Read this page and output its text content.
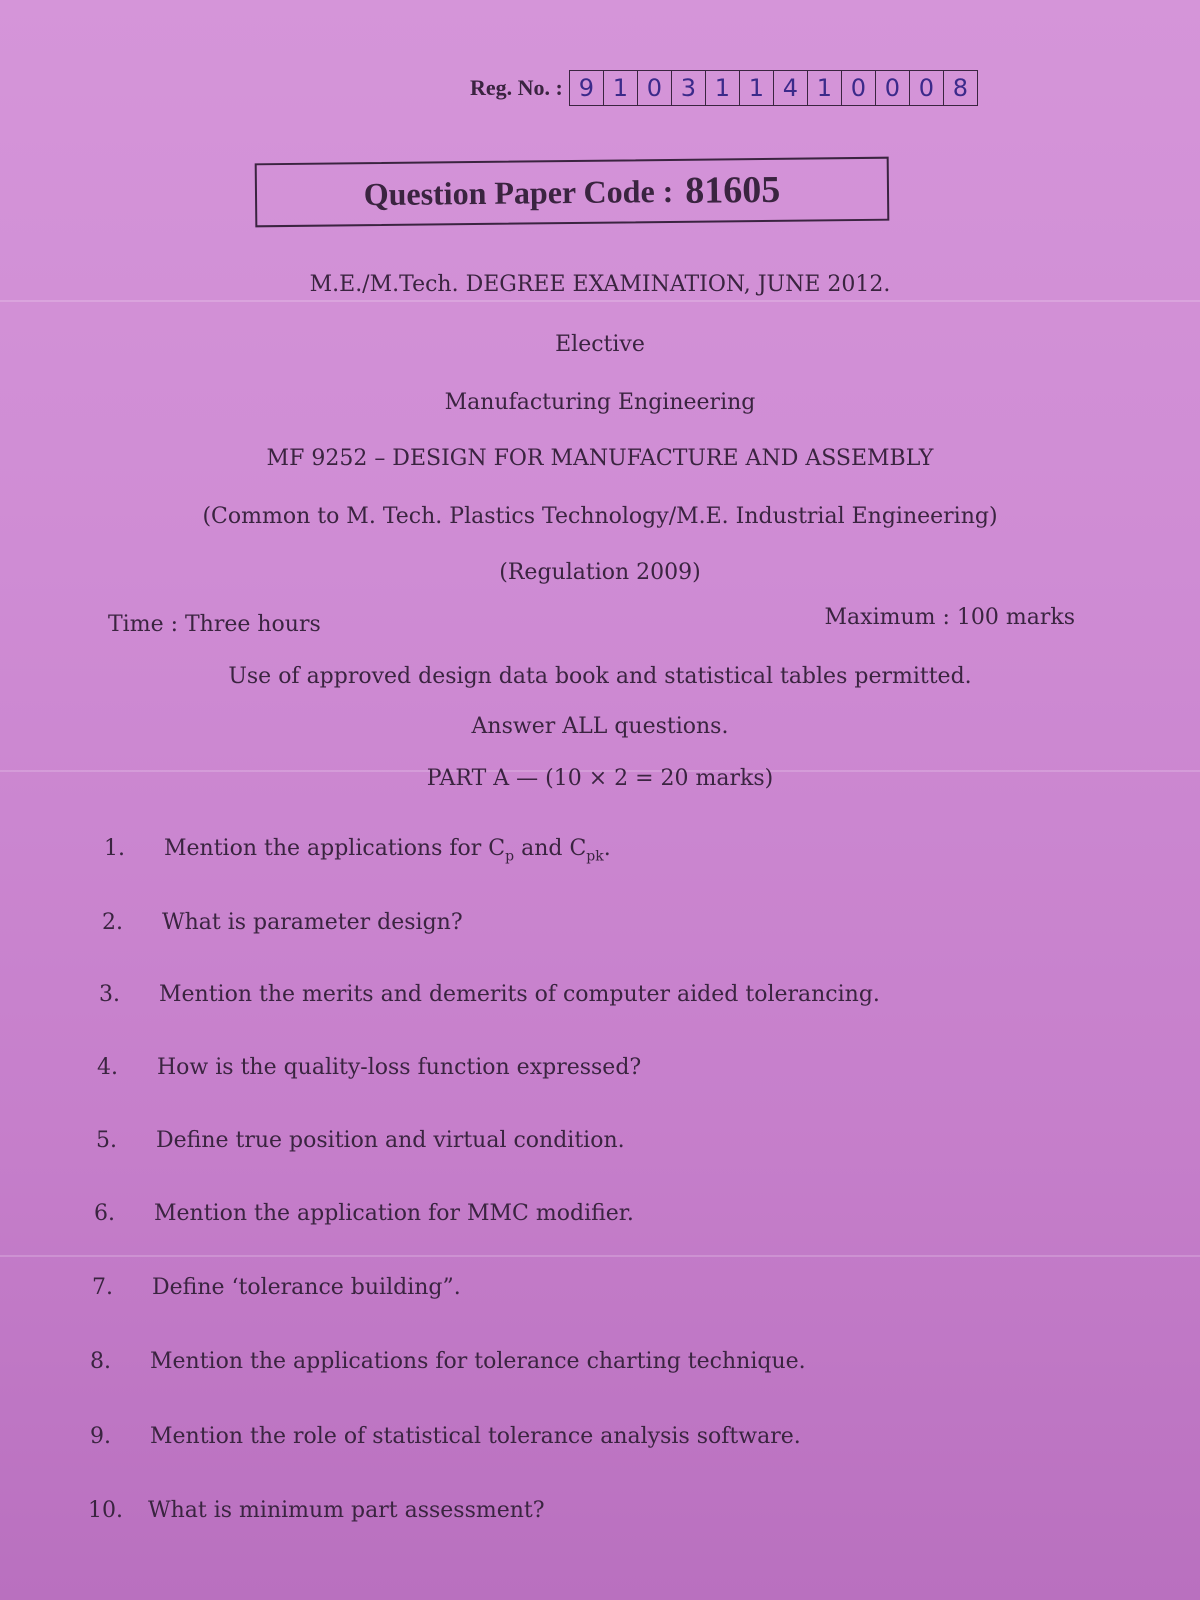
Reg. No. : 9 1 0 3 1 1 4 1 0 0 0 8
Question Paper Code : 81605
M.E./M.Tech. DEGREE EXAMINATION, JUNE 2012.
Elective
Manufacturing Engineering
MF 9252 – DESIGN FOR MANUFACTURE AND ASSEMBLY
(Common to M. Tech. Plastics Technology/M.E. Industrial Engineering)
(Regulation 2009)
Time : Three hours	Maximum : 100 marks
Use of approved design data book and statistical tables permitted.
Answer ALL questions.
PART A — (10 × 2 = 20 marks)
1.	Mention the applications for $C_p$ and $C_{pk}$.
2.	What is parameter design?
3.	Mention the merits and demerits of computer aided tolerancing.
4.	How is the quality-loss function expressed?
5.	Define true position and virtual condition.
6.	Mention the application for MMC modifier.
7.	Define ‘tolerance building”.
8.	Mention the applications for tolerance charting technique.
9.	Mention the role of statistical tolerance analysis software.
10.	What is minimum part assessment?
